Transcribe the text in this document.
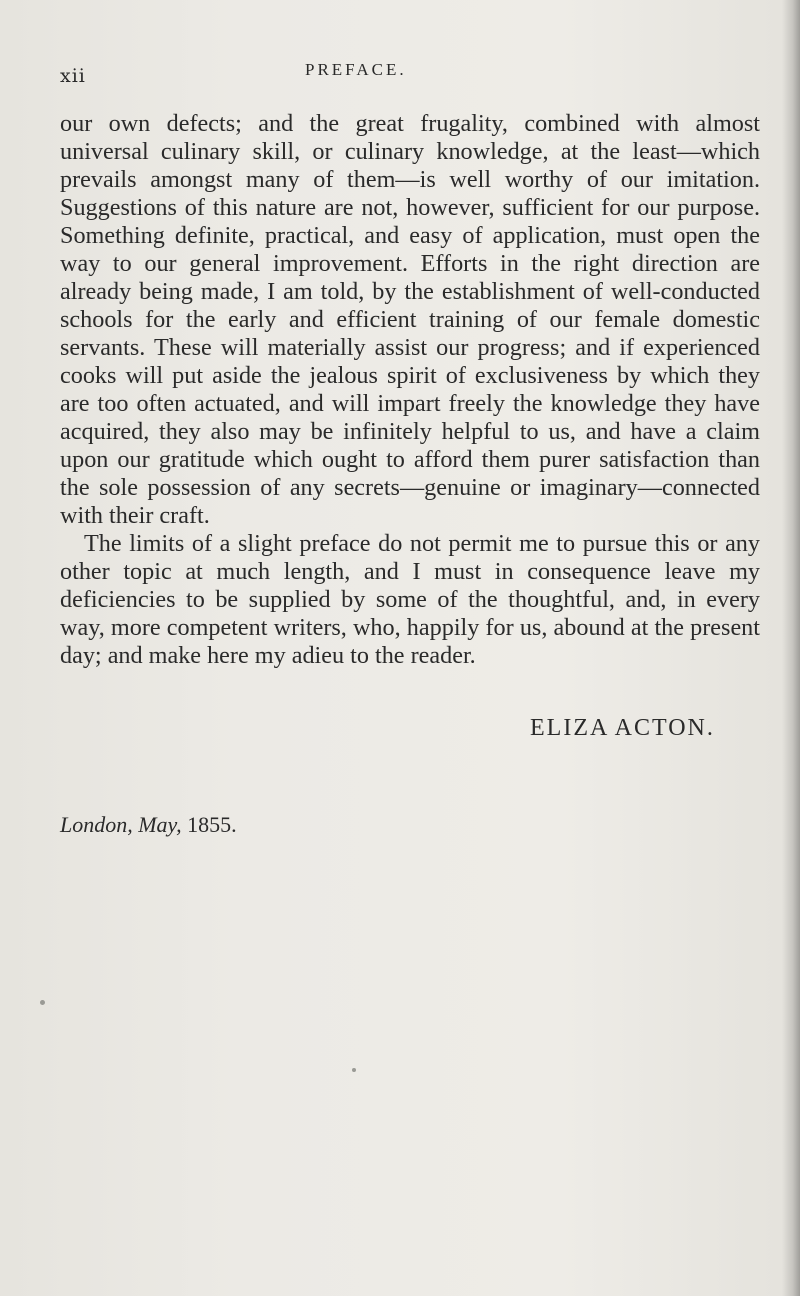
xii	PREFACE.

our own defects; and the great frugality, combined with almost universal culinary skill, or culinary knowledge, at the least—which prevails amongst many of them—is well worthy of our imitation. Suggestions of this nature are not, however, sufficient for our purpose. Something definite, practical, and easy of application, must open the way to our general improvement. Efforts in the right direction are already being made, I am told, by the establishment of well-conducted schools for the early and efficient training of our female domestic servants. These will materially assist our progress; and if experienced cooks will put aside the jealous spirit of exclusiveness by which they are too often actuated, and will impart freely the knowledge they have acquired, they also may be infinitely helpful to us, and have a claim upon our gratitude which ought to afford them purer satisfaction than the sole possession of any secrets—genuine or imaginary—connected with their craft.

The limits of a slight preface do not permit me to pursue this or any other topic at much length, and I must in consequence leave my deficiencies to be supplied by some of the thoughtful, and, in every way, more competent writers, who, happily for us, abound at the present day; and make here my adieu to the reader.

ELIZA ACTON.
London, May, 1855.
